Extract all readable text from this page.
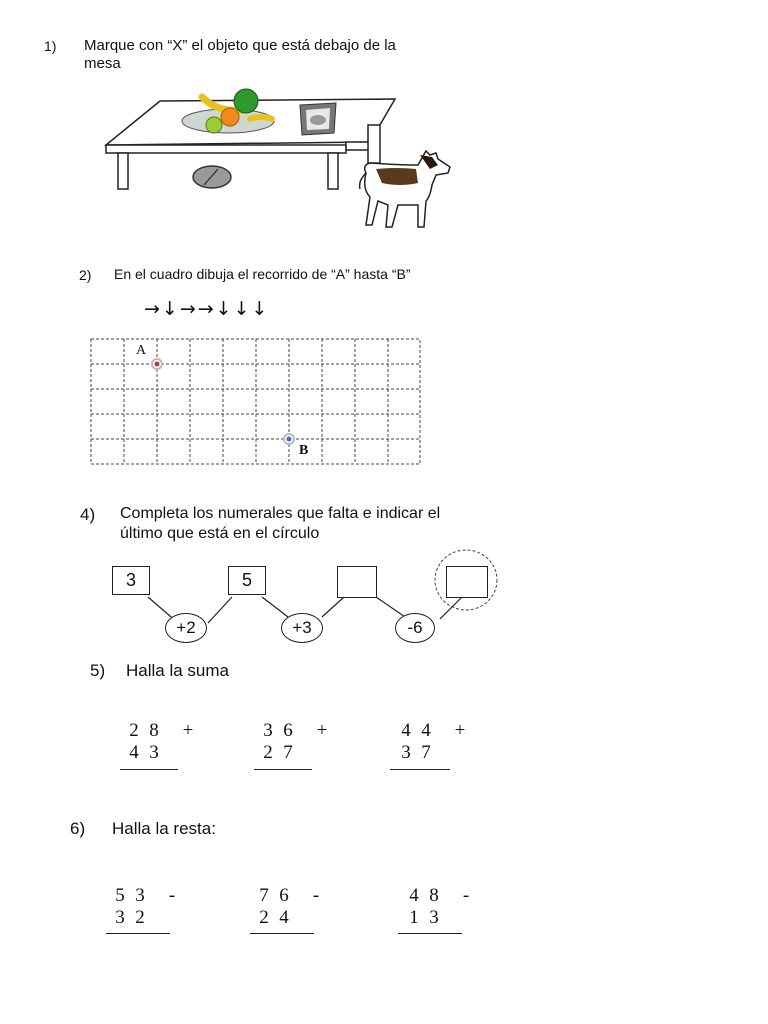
1) Marque con “X” el objeto que está debajo de la
mesa
2) En el cuadro dibuja el recorrido de “A” hasta “B”
→↓→→↓↓↓
A
B
4) Completa los numerales que falta e indicar el
último que está en el círculo
3	5
+2	+3	-6
5) Halla la suma
2 8 +
4 3
3 6 +
2 7
4 4 +
3 7
6) Halla la resta:
5 3 -
3 2
7 6 -
2 4
4 8 -
1 3
